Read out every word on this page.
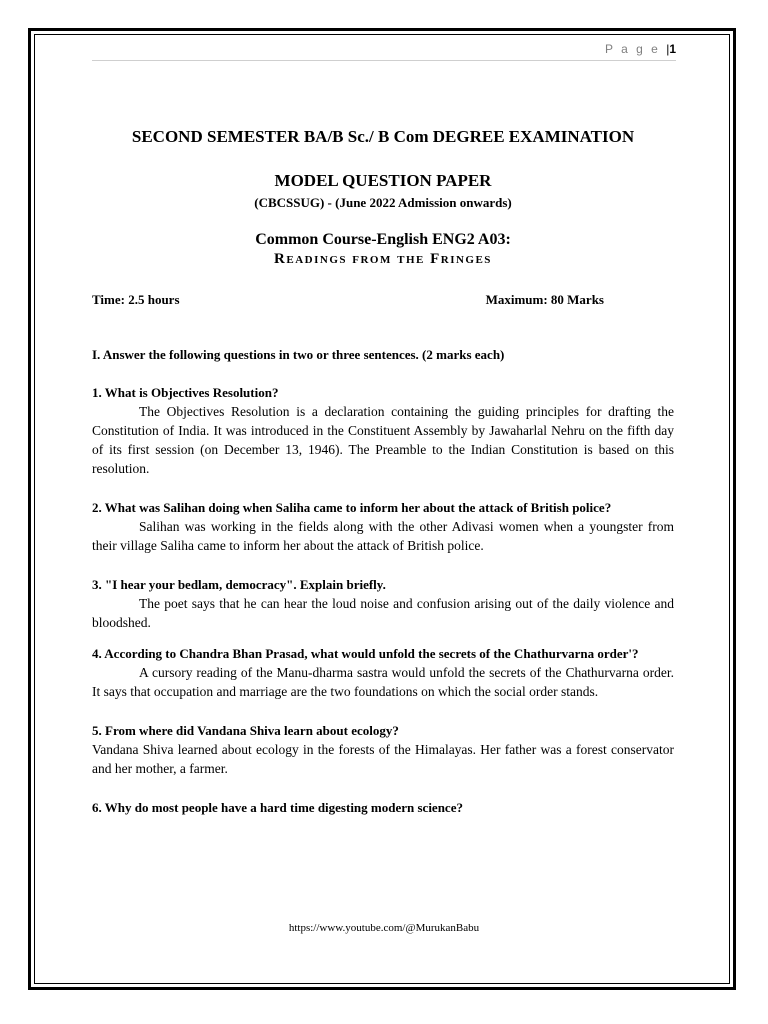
P a g e |1

SECOND SEMESTER BA/B Sc./ B Com DEGREE EXAMINATION

MODEL QUESTION PAPER

(CBCSSUG) - (June 2022 Admission onwards)

Common Course-English ENG2 A03:

Readings from the Fringes

Time: 2.5 hours	Maximum: 80 Marks
I. Answer the following questions in two or three sentences. (2 marks each)
1. What is Objectives Resolution?
The Objectives Resolution is a declaration containing the guiding principles for drafting the Constitution of India. It was introduced in the Constituent Assembly by Jawaharlal Nehru on the fifth day of its first session (on December 13, 1946). The Preamble to the Indian Constitution is based on this resolution.
2. What was Salihan doing when Saliha came to inform her about the attack of British police?
Salihan was working in the fields along with the other Adivasi women when a youngster from their village Saliha came to inform her about the attack of British police.
3. "I hear your bedlam, democracy". Explain briefly.
The poet says that he can hear the loud noise and confusion arising out of the daily violence and bloodshed.
4. According to Chandra Bhan Prasad, what would unfold the secrets of the Chathurvarna order'?
A cursory reading of the Manu-dharma sastra would unfold the secrets of the Chathurvarna order. It says that occupation and marriage are the two foundations on which the social order stands.
5. From where did Vandana Shiva learn about ecology?
Vandana Shiva learned about ecology in the forests of the Himalayas. Her father was a forest conservator and her mother, a farmer.
6. Why do most people have a hard time digesting modern science?
https://www.youtube.com/@MurukanBabu
